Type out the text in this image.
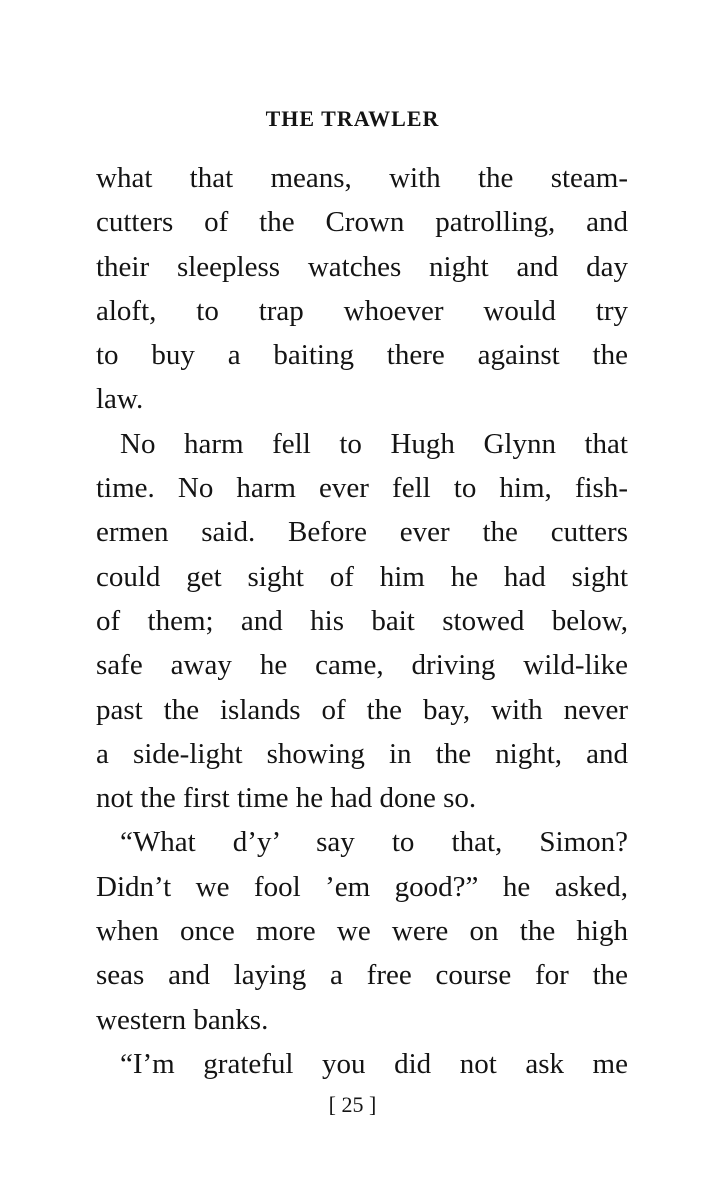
THE TRAWLER
what that means, with the steam-
cutters of the Crown patrolling, and
their sleepless watches night and day
aloft, to trap whoever would try
to buy a baiting there against the
law.
No harm fell to Hugh Glynn that
time. No harm ever fell to him, fish-
ermen said. Before ever the cutters
could get sight of him he had sight
of them; and his bait stowed below,
safe away he came, driving wild-like
past the islands of the bay, with never
a side-light showing in the night, and
not the first time he had done so.
“What d’y’ say to that, Simon?
Didn’t we fool ’em good?” he asked,
when once more we were on the high
seas and laying a free course for the
western banks.
“I’m grateful you did not ask me
[ 25 ]
